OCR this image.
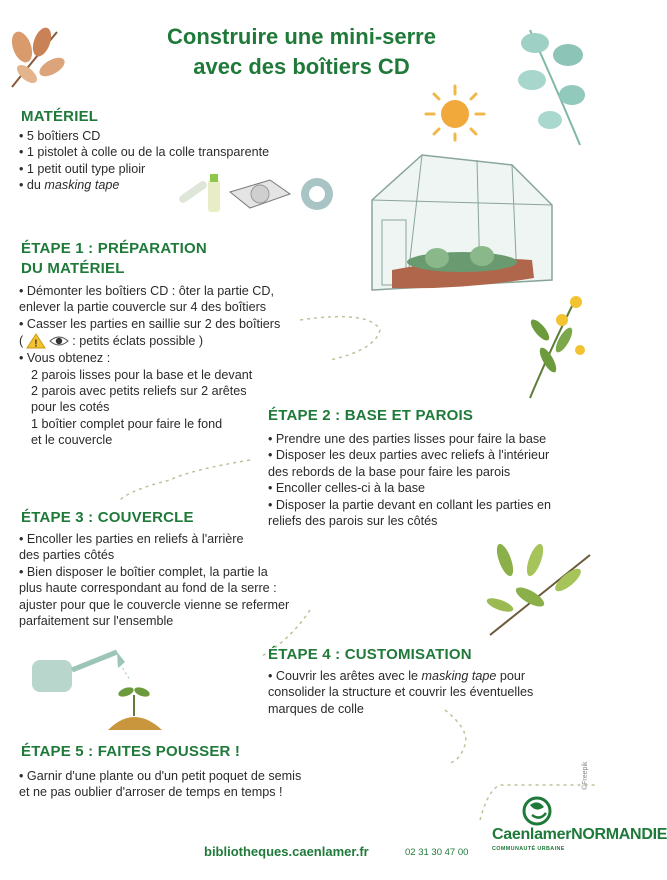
Construire une mini-serre
avec des boîtiers CD
MATÉRIEL
• 5 boîtiers CD
• 1 pistolet à colle ou de la colle transparente
• 1 petit outil type plioir
• du masking tape
ÉTAPE 1 : PRÉPARATION
DU MATÉRIEL
• Démonter les boîtiers CD : ôter la partie CD,
enlever la partie couvercle sur 4 des boîtiers
• Casser les parties en saillie sur 2 des boîtiers
( !	: petits éclats possible )
• Vous obtenez :
2 parois lisses pour la base et le devant
2 parois avec petits reliefs sur 2 arêtes
pour les cotés
1 boîtier complet pour faire le fond
et le couvercle
ÉTAPE 2 : BASE ET PAROIS
• Prendre une des parties lisses pour faire la base
• Disposer les deux parties avec reliefs à l'intérieur
des rebords de la base pour faire les parois
• Encoller celles-ci à la base
• Disposer la partie devant en collant les parties en
reliefs des parois sur les côtés
ÉTAPE 3 : COUVERCLE
• Encoller les parties en reliefs à l'arrière
des parties côtés
• Bien disposer le boîtier complet, la partie la
plus haute correspondant au fond de la serre :
ajuster pour que le couvercle vienne se refermer
parfaitement sur l'ensemble
ÉTAPE 4 : CUSTOMISATION
• Couvrir les arêtes avec le masking tape pour
consolider la structure et couvrir les éventuelles
marques de colle
ÉTAPE 5 : FAITES POUSSER !
• Garnir d'une plante ou d'un petit poquet de semis
et ne pas oublier d'arroser de temps en temps !
©Freepik
bibliotheques.caenlamer.fr	02 31 30 47 00
CaenlamerNORMANDIE
COMMUNAUTÉ URBAINE
